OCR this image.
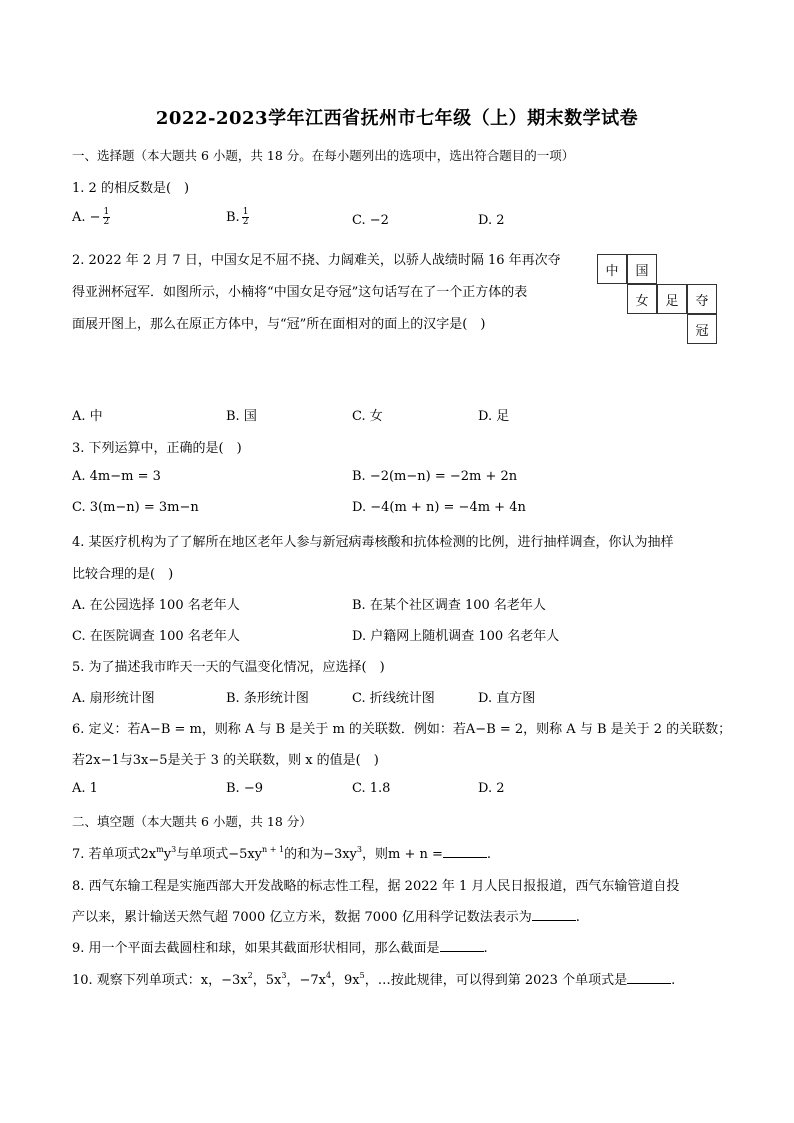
2022-2023学年江西省抚州市七年级（上）期末数学试卷
一、选择题（本大题共 6 小题，共 18 分。在每小题列出的选项中，选出符合题目的一项）
1. 2 的相反数是(　)
A. − $\frac{1}{2}$	B. $\frac{1}{2}$	C. −2	D. 2
2. 2022 年 2 月 7 日，中国女足不屈不挠、力阔难关，以骄人战绩时隔 16 年再次夺
得亚洲杯冠军．如图所示，小楠将“中国女足夺冠”这句话写在了一个正方体的表
面展开图上，那么在原正方体中，与“冠”所在面相对的面上的汉字是(　)
中	国
女	足	夺
冠
A. 中	B. 国	C. 女	D. 足
3. 下列运算中，正确的是(　)
A. 4m−m = 3	B. −2(m−n) = −2m + 2n
C. 3(m−n) = 3m−n	D. −4(m + n) = −4m + 4n
4. 某医疗机构为了了解所在地区老年人参与新冠病毒核酸和抗体检测的比例，进行抽样调查，你认为抽样
比较合理的是(　)
A. 在公园选择 100 名老年人	B. 在某个社区调查 100 名老年人
C. 在医院调查 100 名老年人	D. 户籍网上随机调查 100 名老年人
5. 为了描述我市昨天一天的气温变化情况，应选择(　)
A. 扇形统计图	B. 条形统计图	C. 折线统计图	D. 直方图
6. 定义：若A−B = m，则称 A 与 B 是关于 m 的关联数．例如：若A−B = 2，则称 A 与 B 是关于 2 的关联数；
若2x−1与3x−5是关于 3 的关联数，则 x 的值是(　)
A. 1	B. −9	C. 1.8	D. 2
二、填空题（本大题共 6 小题，共 18 分）
7. 若单项式$2x^my^3$与单项式$-5xy^{n + 1}$的和为$-3xy^3$，则m + n =	.
8. 西气东输工程是实施西部大开发战略的标志性工程，据 2022 年 1 月人民日报报道，西气东输管道自投
产以来，累计输送天然气超 7000 亿立方米，数据 7000 亿用科学记数法表示为	.
9. 用一个平面去截圆柱和球，如果其截面形状相同，那么截面是	.
10. 观察下列单项式：x，$-3x^2$，$5x^3$，$-7x^4$，$9x^5$，…按此规律，可以得到第 2023 个单项式是	.
